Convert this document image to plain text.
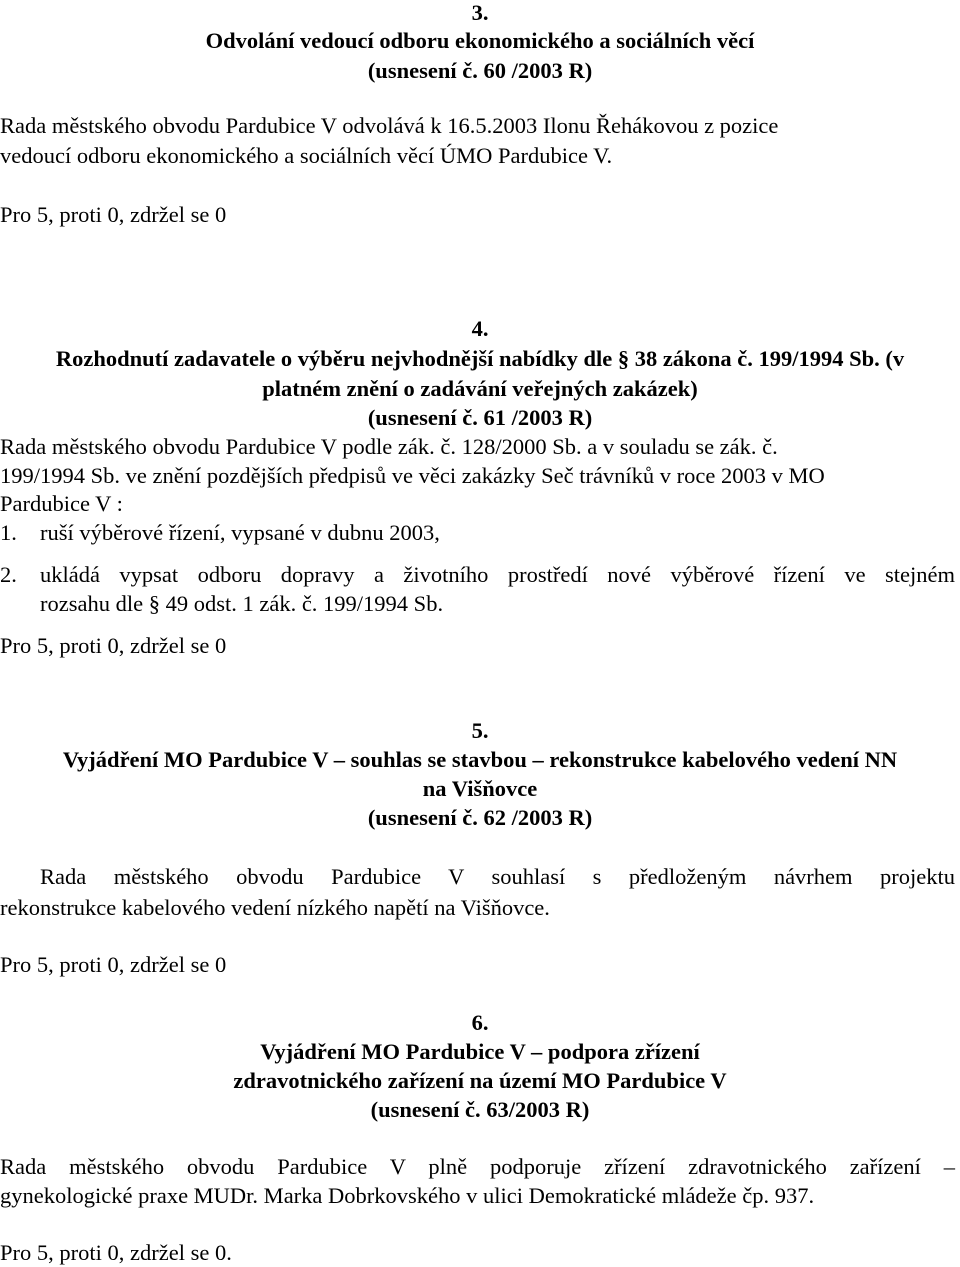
3.
Odvolání vedoucí odboru ekonomického a sociálních věcí
(usnesení č. 60 /2003 R)
Rada městského obvodu Pardubice V odvolává k 16.5.2003 Ilonu Řehákovou z pozice
vedoucí odboru ekonomického a sociálních věcí ÚMO Pardubice V.
Pro 5, proti 0, zdržel se 0
4.
Rozhodnutí zadavatele o výběru nejvhodnější nabídky dle § 38 zákona č. 199/1994 Sb. (v
platném znění o zadávání veřejných zakázek)
(usnesení č. 61 /2003 R)
Rada městského obvodu Pardubice V podle zák. č. 128/2000 Sb. a v souladu se zák. č.
199/1994 Sb. ve znění pozdějších předpisů ve věci zakázky Seč trávníků v roce 2003 v MO
Pardubice V :
1. ruší výběrové řízení, vypsané v dubnu 2003,
2. ukládá vypsat odboru dopravy a životního prostředí nové výběrové řízení ve stejném
rozsahu dle § 49 odst. 1 zák. č. 199/1994 Sb.
Pro 5, proti 0, zdržel se 0
5.
Vyjádření MO Pardubice V – souhlas se stavbou – rekonstrukce kabelového vedení NN
na Višňovce
(usnesení č. 62 /2003 R)
Rada městského obvodu Pardubice V souhlasí s předloženým návrhem projektu
rekonstrukce kabelového vedení nízkého napětí na Višňovce.
Pro 5, proti 0, zdržel se 0
6.
Vyjádření MO Pardubice V – podpora zřízení
zdravotnického zařízení na území MO Pardubice V
(usnesení č. 63/2003 R)
Rada městského obvodu Pardubice V plně podporuje zřízení zdravotnického zařízení –
gynekologické praxe MUDr. Marka Dobrkovského v ulici Demokratické mládeže čp. 937.
Pro 5, proti 0, zdržel se 0.
